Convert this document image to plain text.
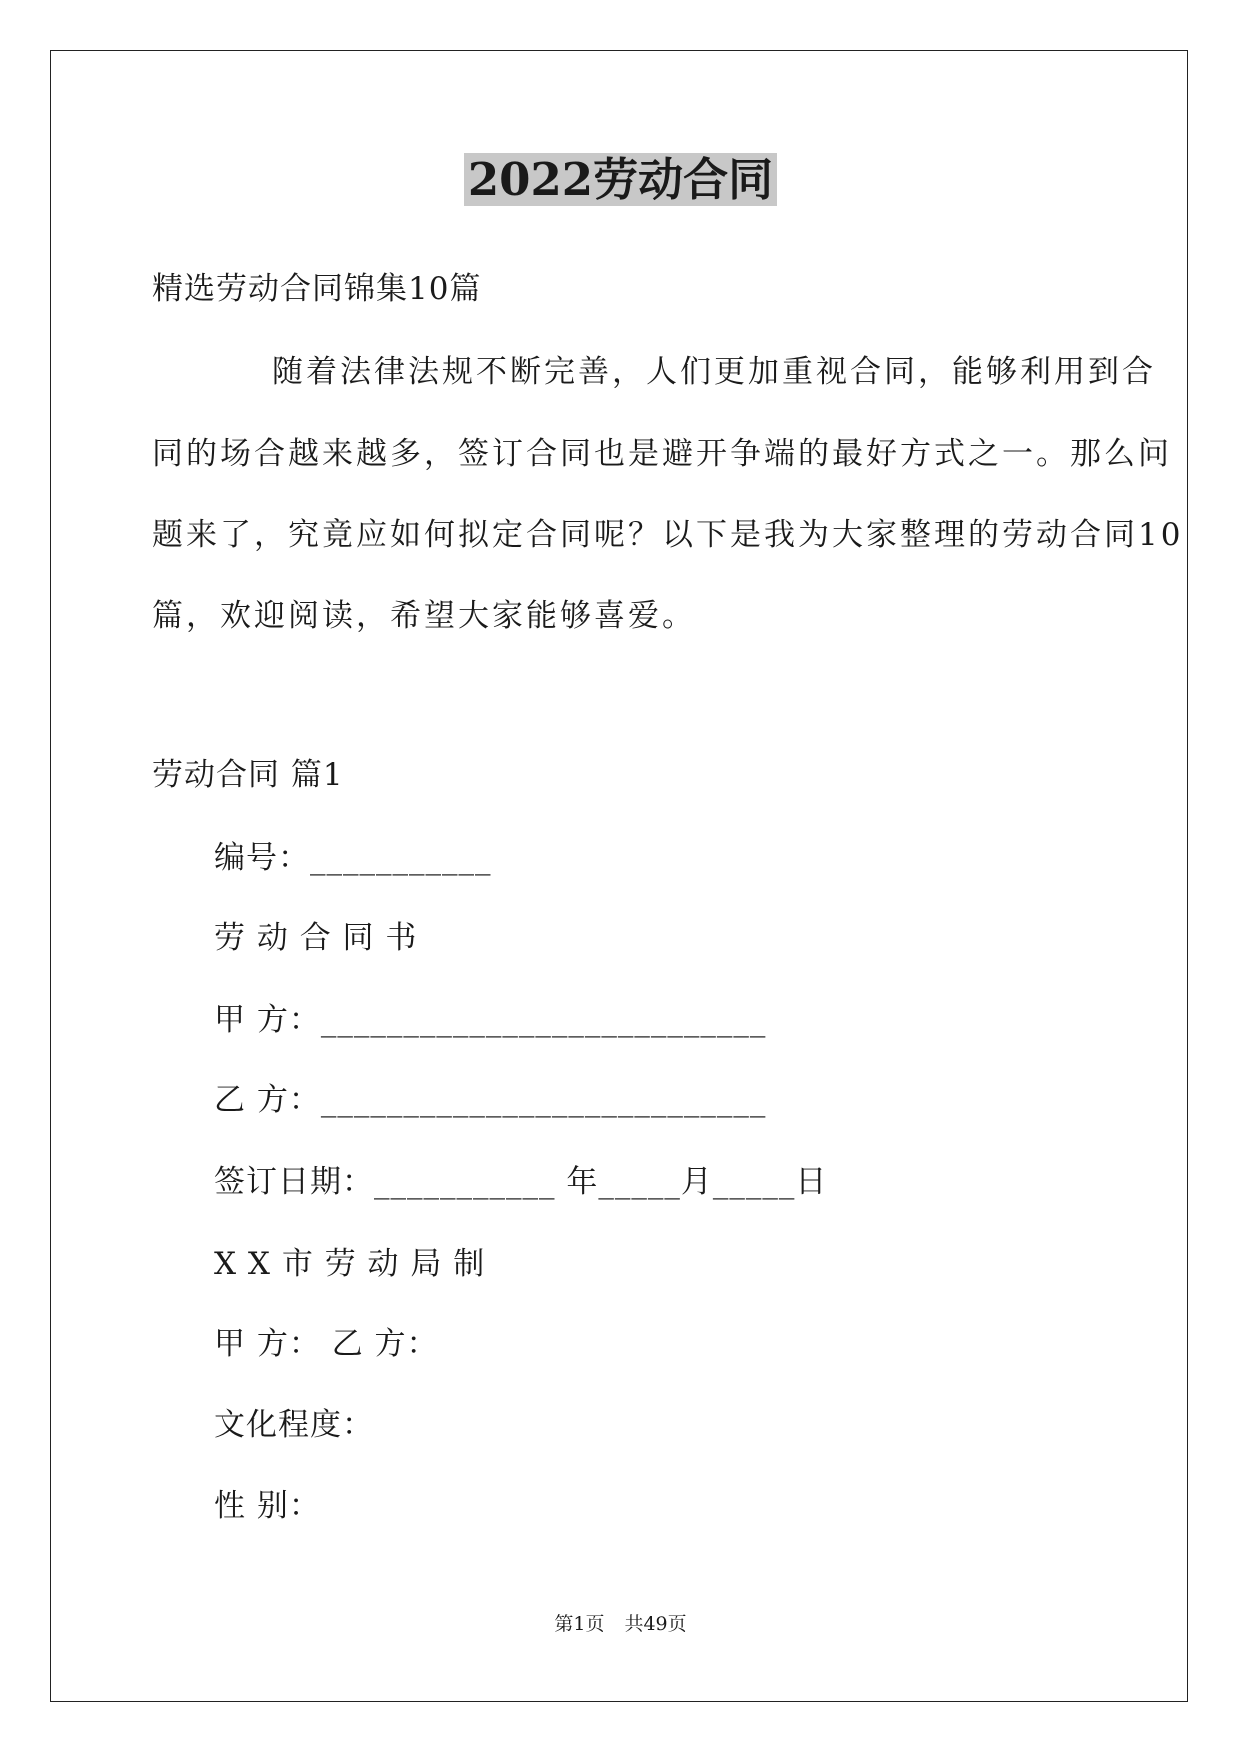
2022劳动合同
精选劳动合同锦集10篇
随着法律法规不断完善，人们更加重视合同，能够利用到合
同的场合越来越多，签订合同也是避开争端的最好方式之一。那么问
题来了，究竟应如何拟定合同呢？以下是我为大家整理的劳动合同10
篇，欢迎阅读，希望大家能够喜爱。
劳动合同 篇1
编号：___________
劳 动 合 同 书
甲 方：___________________________
乙 方：___________________________
签订日期：___________ 年_____月_____日
X X 市 劳 动 局 制
甲 方： 乙 方：
文化程度：
性 别：
第1页 共49页
